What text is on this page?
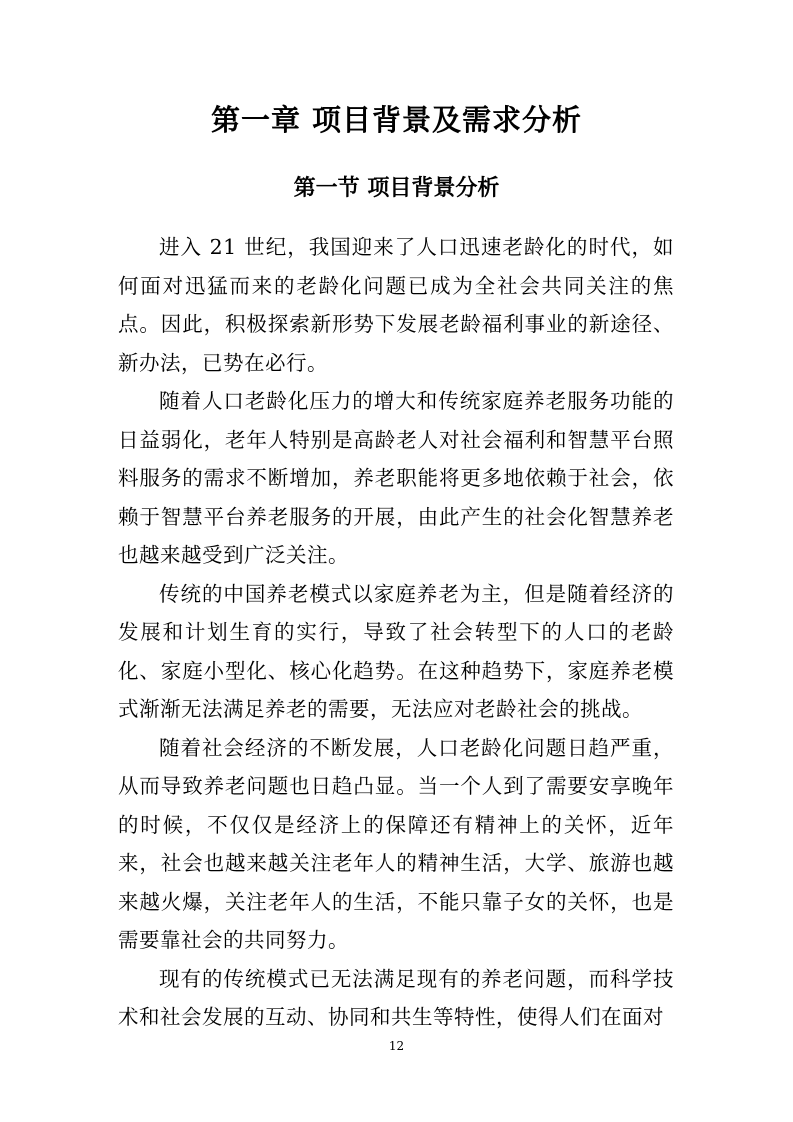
第一章 项目背景及需求分析
第一节 项目背景分析

进入 21 世纪，我国迎来了人口迅速老龄化的时代，如何面对迅猛而来的老龄化问题已成为全社会共同关注的焦点。因此，积极探索新形势下发展老龄福利事业的新途径、新办法，已势在必行。

随着人口老龄化压力的增大和传统家庭养老服务功能的日益弱化，老年人特别是高龄老人对社会福利和智慧平台照料服务的需求不断增加，养老职能将更多地依赖于社会，依赖于智慧平台养老服务的开展，由此产生的社会化智慧养老也越来越受到广泛关注。

传统的中国养老模式以家庭养老为主，但是随着经济的发展和计划生育的实行，导致了社会转型下的人口的老龄化、家庭小型化、核心化趋势。在这种趋势下，家庭养老模式渐渐无法满足养老的需要，无法应对老龄社会的挑战。

随着社会经济的不断发展，人口老龄化问题日趋严重，从而导致养老问题也日趋凸显。当一个人到了需要安享晚年的时候，不仅仅是经济上的保障还有精神上的关怀，近年来，社会也越来越关注老年人的精神生活，大学、旅游也越来越火爆，关注老年人的生活，不能只靠子女的关怀，也是需要靠社会的共同努力。

现有的传统模式已无法满足现有的养老问题，而科学技术和社会发展的互动、协同和共生等特性，使得人们在面对

12
